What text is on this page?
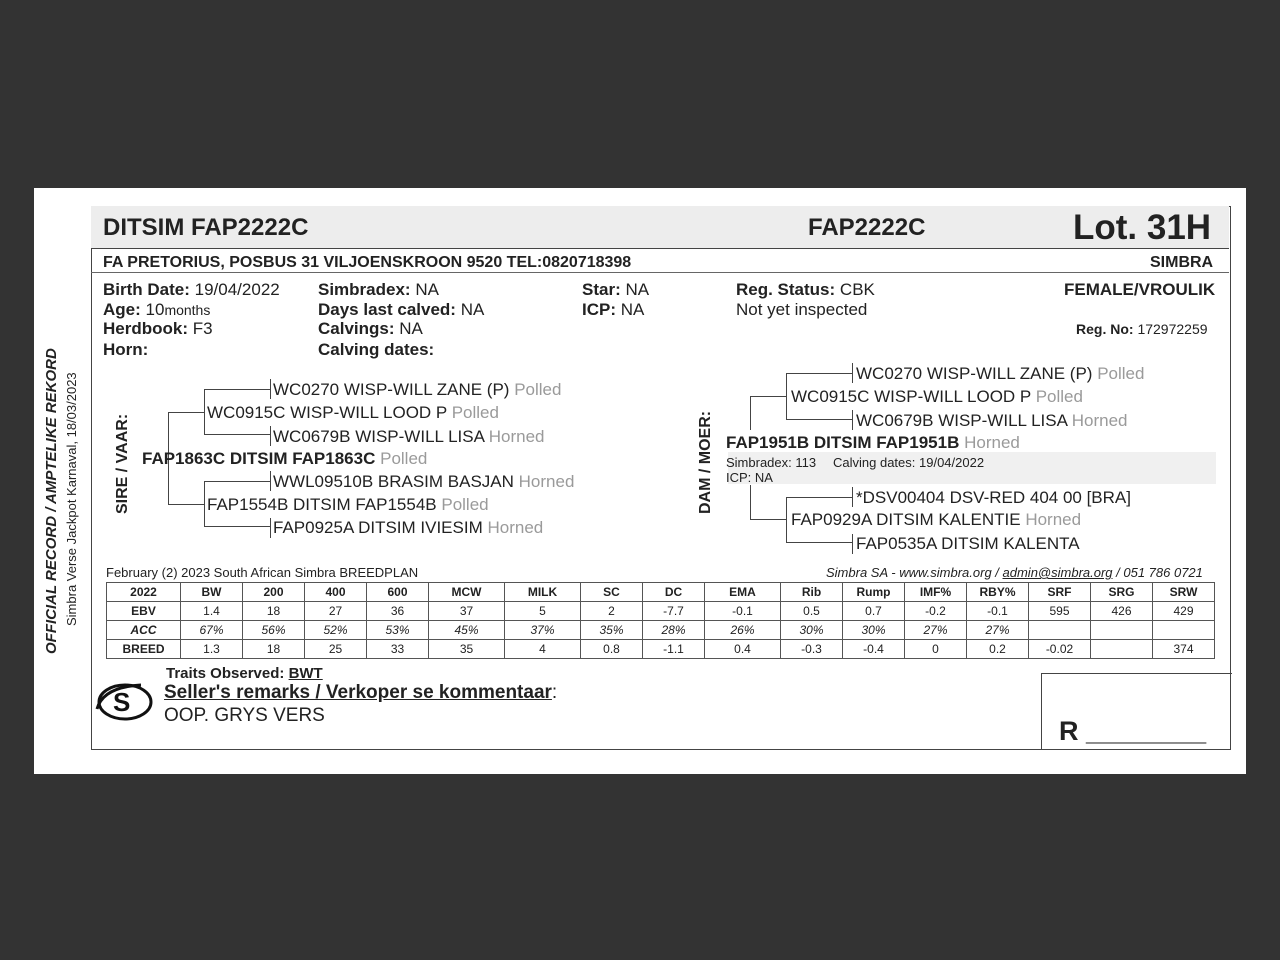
OFFICIAL RECORD / AMPTELIKE REKORD Simbra Verse Jackpot Karnaval, 18/03/2023
DITSIM FAP2222C	FAP2222C	Lot. 31H
FA PRETORIUS, POSBUS 31 VILJOENSKROON 9520 TEL:0820718398	SIMBRA
Birth Date: 19/04/2022
Age: 10months
Herdbook: F3
Horn:
Simbradex: NA
Days last calved: NA
Calvings: NA
Calving dates:
Star: NA
ICP: NA
Reg. Status: CBK
Not yet inspected
FEMALE/VROULIK
Reg. No: 172972259
SIRE / VAAR:
WC0270 WISP-WILL ZANE (P) Polled
WC0915C WISP-WILL LOOD P Polled
WC0679B WISP-WILL LISA Horned
FAP1863C DITSIM FAP1863C Polled
WWL09510B BRASIM BASJAN Horned
FAP1554B DITSIM FAP1554B Polled
FAP0925A DITSIM IVIESIM Horned
DAM / MOER:
WC0270 WISP-WILL ZANE (P) Polled
WC0915C WISP-WILL LOOD P Polled
WC0679B WISP-WILL LISA Horned
FAP1951B DITSIM FAP1951B Horned
Simbradex: 113 Calving dates: 19/04/2022
ICP: NA
*DSV00404 DSV-RED 404 00 [BRA]
FAP0929A DITSIM KALENTIE Horned
FAP0535A DITSIM KALENTA
February (2) 2023 South African Simbra BREEDPLAN	Simbra SA - www.simbra.org / admin@simbra.org / 051 786 0721
2022	BW	200	400	600	MCW	MILK	SC	DC	EMA	Rib	Rump	IMF%	RBY%	SRF	SRG	SRW
EBV	1.4	18	27	36	37	5	2	-7.7	-0.1	0.5	0.7	-0.2	-0.1	595	426	429
ACC	67%	56%	52%	53%	45%	37%	35%	28%	26%	30%	30%	27%	27%			
BREED	1.3	18	25	33	35	4	0.8	-1.1	0.4	-0.3	-0.4	0	0.2	-0.02		374
Traits Observed: BWT
S Seller's remarks / Verkoper se kommentaar:
OOP. GRYS VERS
R ________
